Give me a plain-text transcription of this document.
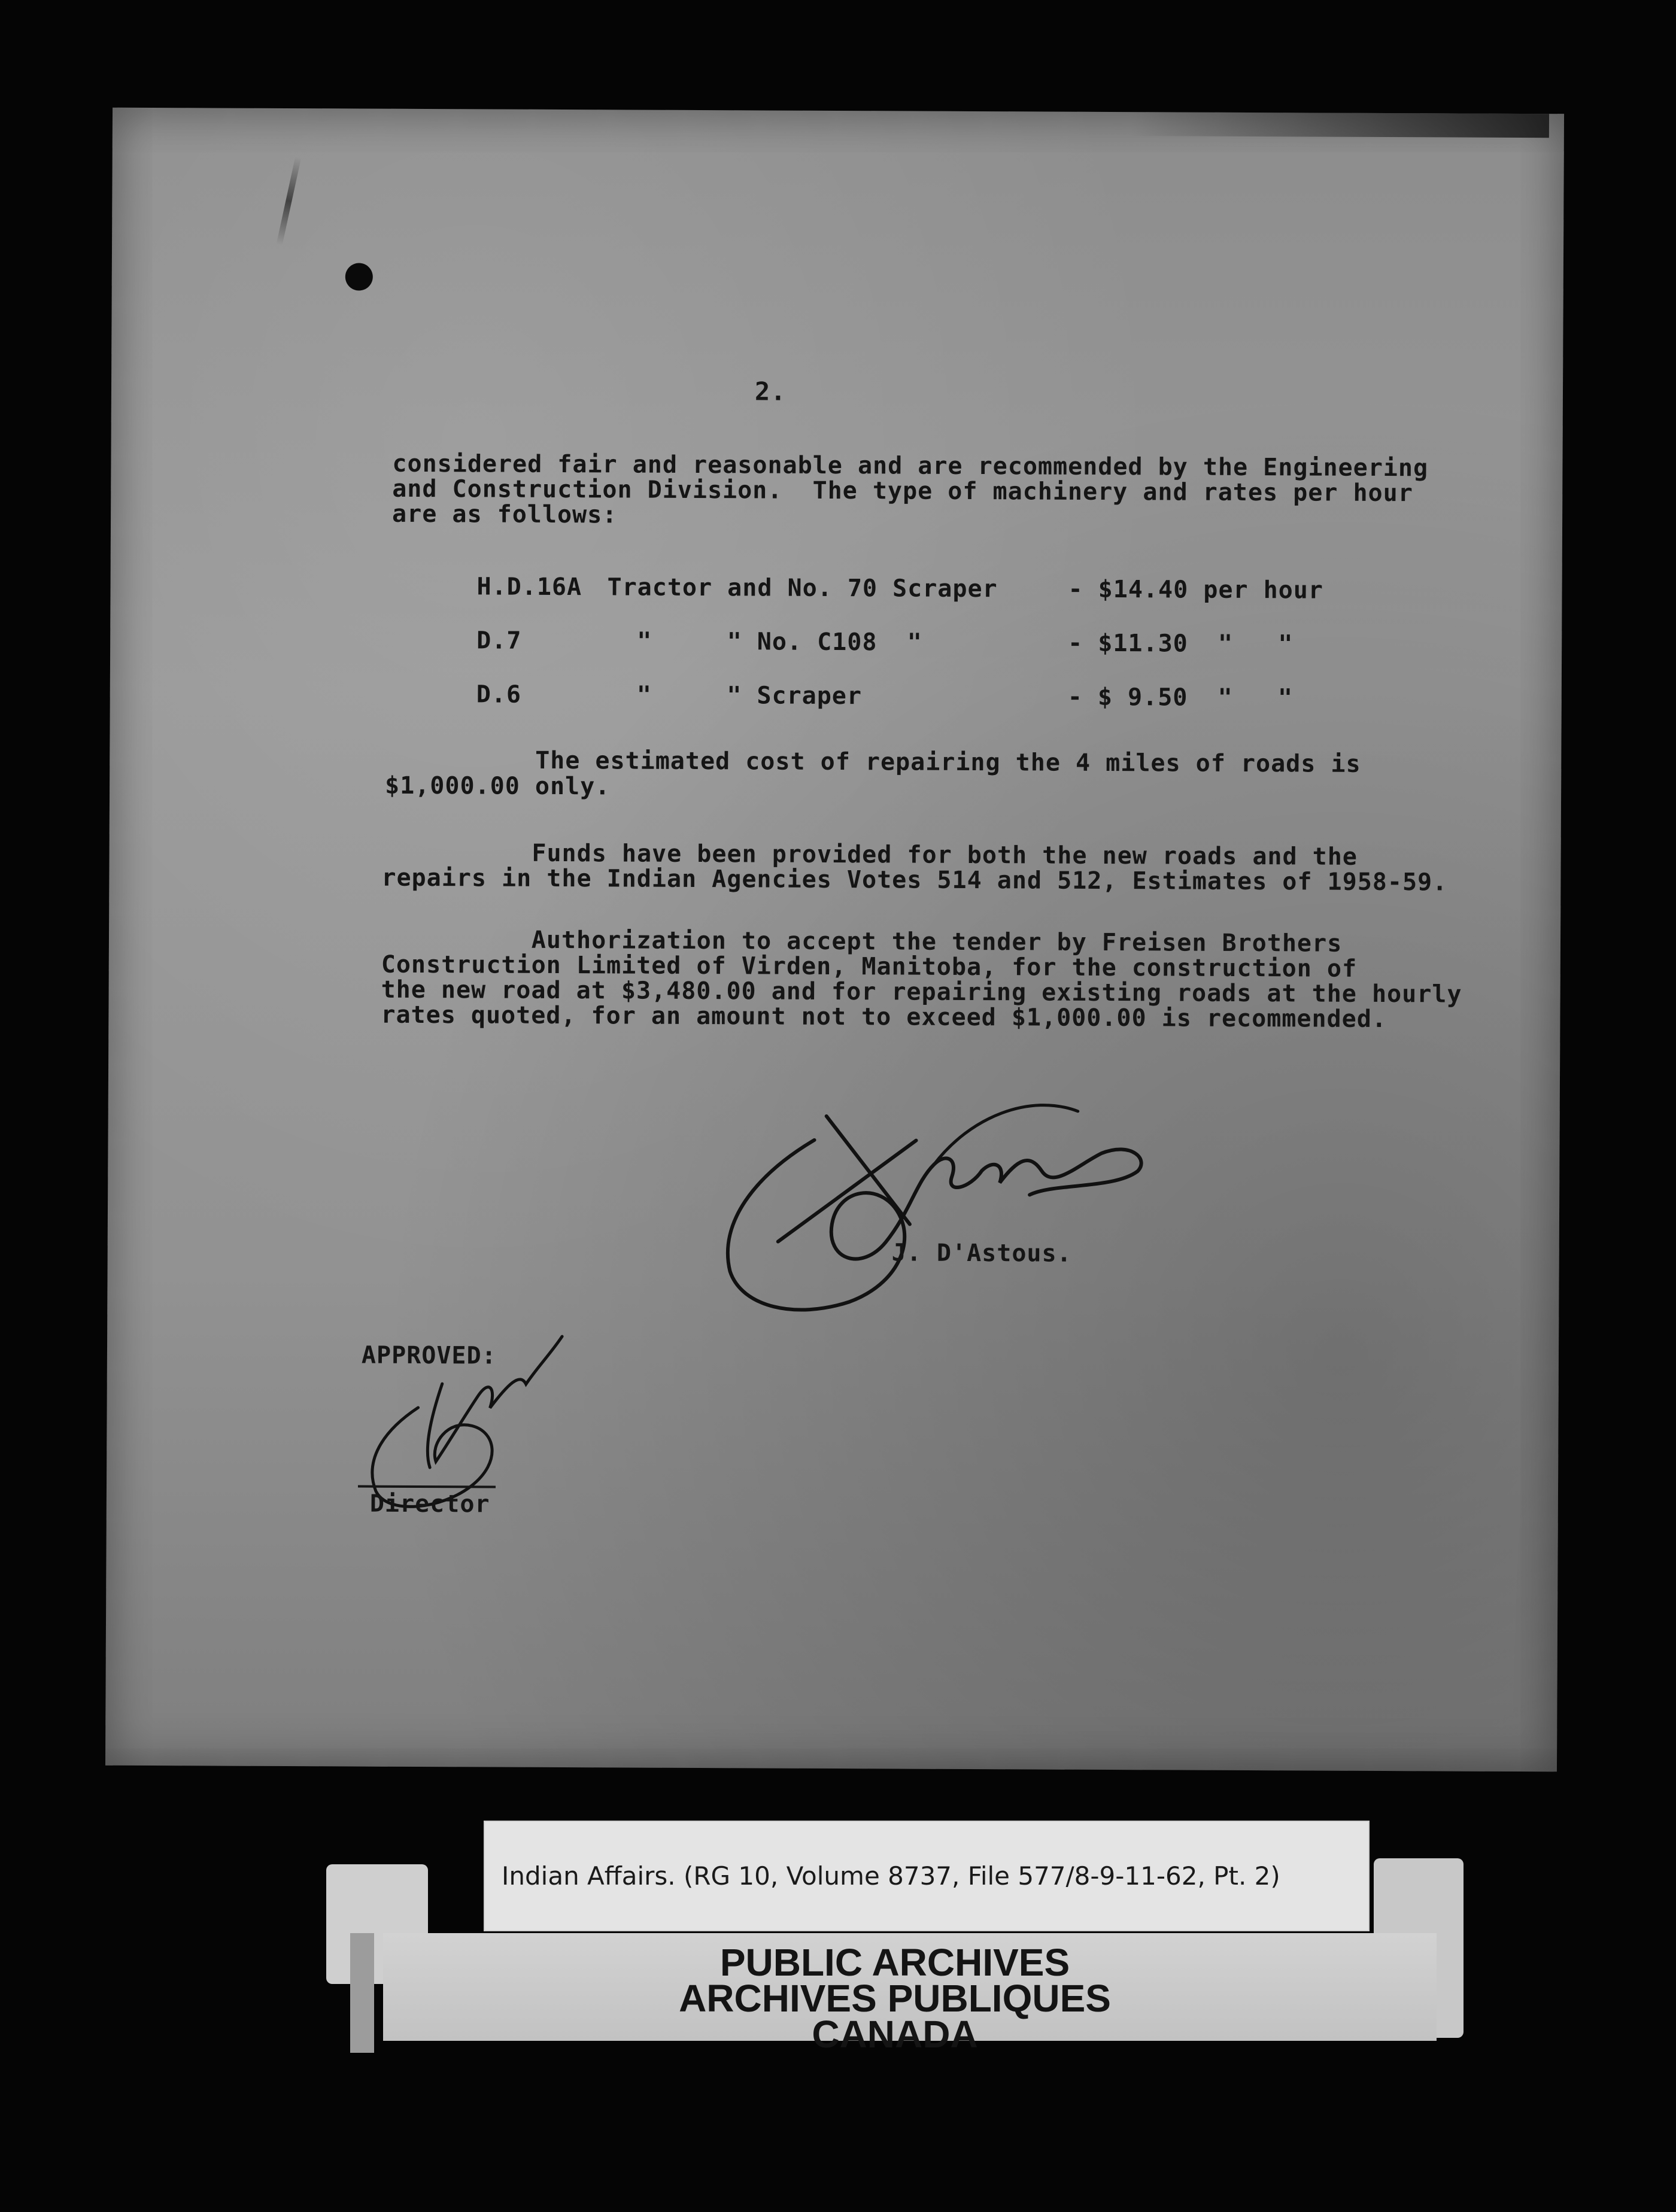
2.
considered fair and reasonable and are recommended by the Engineering
and Construction Division.  The type of machinery and rates per hour
are as follows:
H.D.16A Tractor and No. 70 Scraper	- $14.40 per hour
D.7	"     " No. C108  "	- $11.30  "   "
D.6	"     " Scraper	- $ 9.50  "   "
The estimated cost of repairing the 4 miles of roads is
$1,000.00 only.
Funds have been provided for both the new roads and the
repairs in the Indian Agencies Votes 514 and 512, Estimates of 1958-59.
Authorization to accept the tender by Freisen Brothers
Construction Limited of Virden, Manitoba, for the construction of
the new road at $3,480.00 and for repairing existing roads at the hourly
rates quoted, for an amount not to exceed $1,000.00 is recommended.
J. D'Astous.
APPROVED:
Director
PUBLIC ARCHIVES
ARCHIVES PUBLIQUES
CANADA
Indian Affairs. (RG 10, Volume 8737, File 577/8-9-11-62, Pt. 2)
